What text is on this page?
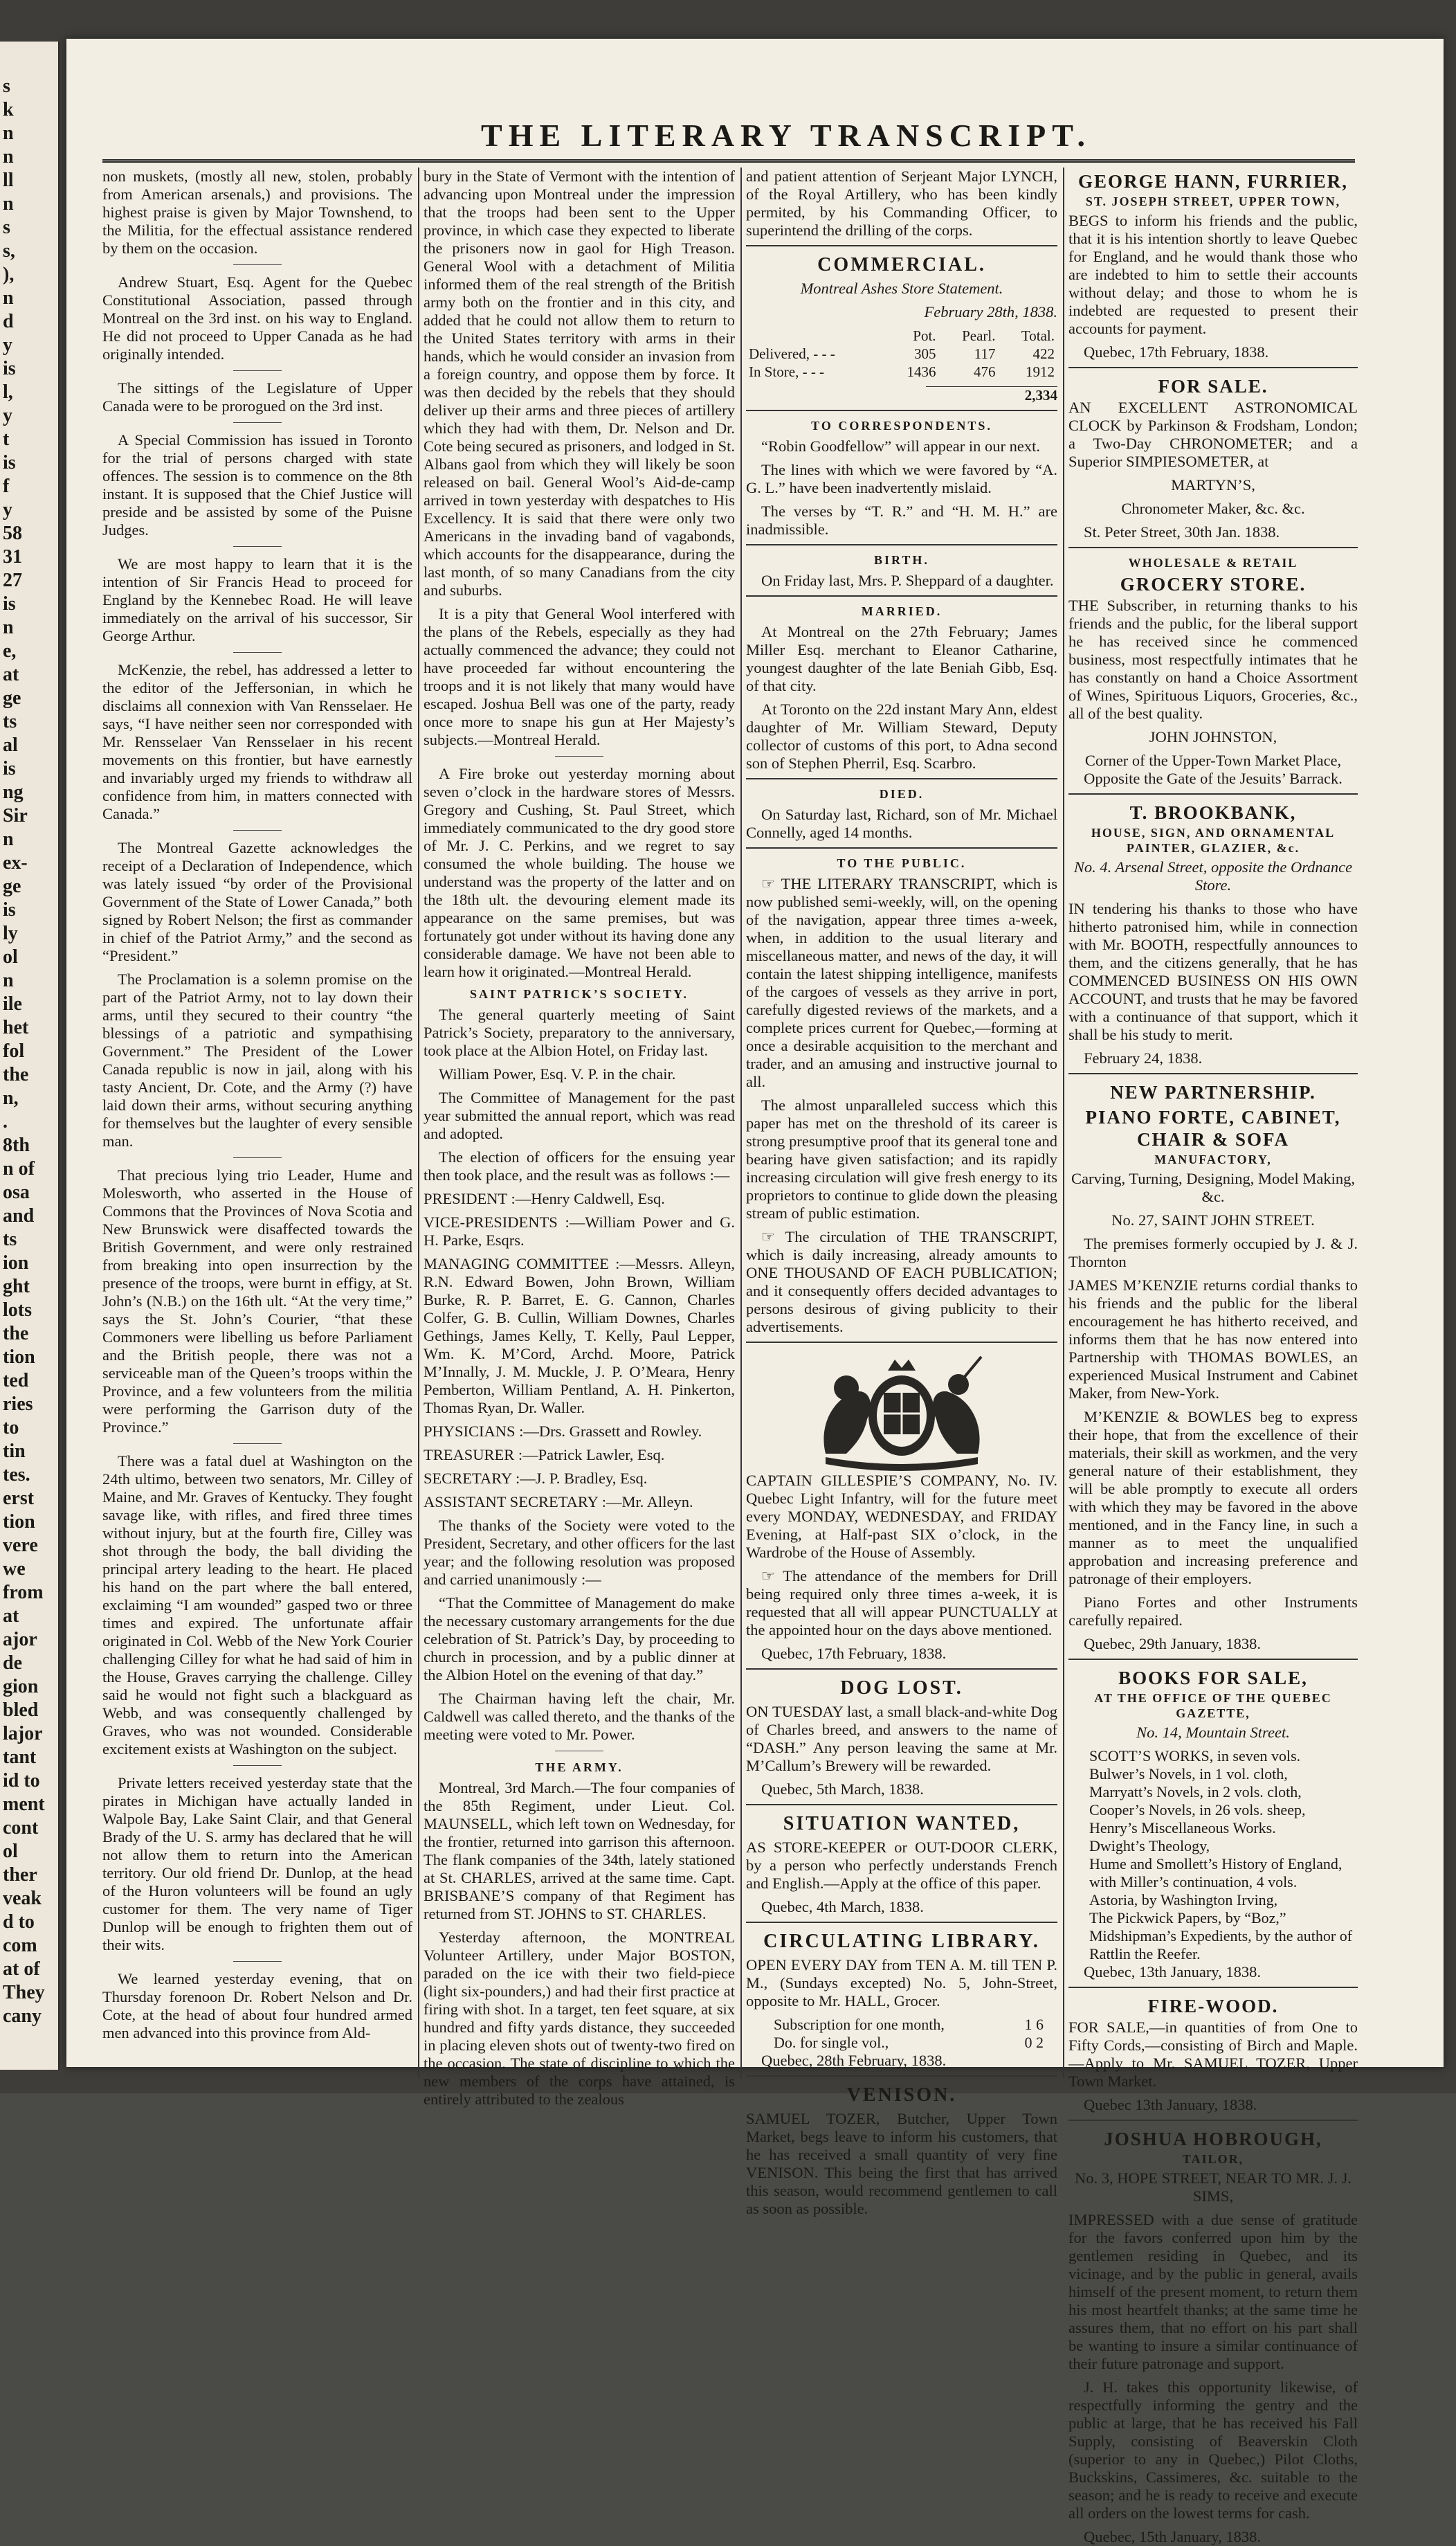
s
k
n
n
ll
n
s
s,
),
n
d
y
is
l,
y
t
is
f
y
58
31
27
is
n
e,
at
ge
ts
al
is
ng
Sir
n
ex-
ge
is
ly
ol
n
ile
het
fol
the
n,
.
8th
n of
osa
and
ts
ion
ght
lots
the
tion
ted
ries
to
tin
tes.
erst
tion
vere
we
from
at
ajor
de
gion
bled
lajor
tant
id to
ment
cont
ol
ther
veak
d to
com
at of
They
cany
THE LITERARY TRANSCRIPT.

non muskets, (mostly all new, stolen, probably from American arsenals,) and provisions. The highest praise is given by Major Townshend, to the Militia, for the effectual assistance rendered by them on the occasion.

Andrew Stuart, Esq. Agent for the Quebec Constitutional Association, passed through Montreal on the 3rd inst. on his way to England. He did not proceed to Upper Canada as he had originally intended.

The sittings of the Legislature of Upper Canada were to be prorogued on the 3rd inst.

A Special Commission has issued in Toronto for the trial of persons charged with state offences. The session is to commence on the 8th instant. It is supposed that the Chief Justice will preside and be assisted by some of the Puisne Judges.

We are most happy to learn that it is the intention of Sir Francis Head to proceed for England by the Kennebec Road. He will leave immediately on the arrival of his successor, Sir George Arthur.

McKenzie, the rebel, has addressed a letter to the editor of the Jeffersonian, in which he disclaims all connexion with Van Rensselaer. He says, “I have neither seen nor corresponded with Mr. Rensselaer Van Rensselaer in his recent movements on this frontier, but have earnestly and invariably urged my friends to withdraw all confidence from him, in matters connected with Canada.”

The Montreal Gazette acknowledges the receipt of a Declaration of Independence, which was lately issued “by order of the Provisional Government of the State of Lower Canada,” both signed by Robert Nelson; the first as commander in chief of the Patriot Army,” and the second as “President.”

The Proclamation is a solemn promise on the part of the Patriot Army, not to lay down their arms, until they secured to their country “the blessings of a patriotic and sympathising Government.” The President of the Lower Canada republic is now in jail, along with his tasty Ancient, Dr. Cote, and the Army (?) have laid down their arms, without securing anything for themselves but the laughter of every sensible man.

That precious lying trio Leader, Hume and Molesworth, who asserted in the House of Commons that the Provinces of Nova Scotia and New Brunswick were disaffected towards the British Government, and were only restrained from breaking into open insurrection by the presence of the troops, were burnt in effigy, at St. John’s (N.B.) on the 16th ult. “At the very time,” says the St. John’s Courier, “that these Commoners were libelling us before Parliament and the British people, there was not a serviceable man of the Queen’s troops within the Province, and a few volunteers from the militia were performing the Garrison duty of the Province.”

There was a fatal duel at Washington on the 24th ultimo, between two senators, Mr. Cilley of Maine, and Mr. Graves of Kentucky. They fought savage like, with rifles, and fired three times without injury, but at the fourth fire, Cilley was shot through the body, the ball dividing the principal artery leading to the heart. He placed his hand on the part where the ball entered, exclaiming “I am wounded” gasped two or three times and expired. The unfortunate affair originated in Col. Webb of the New York Courier challenging Cilley for what he had said of him in the House, Graves carrying the challenge. Cilley said he would not fight such a blackguard as Webb, and was consequently challenged by Graves, who was not wounded. Considerable excitement exists at Washington on the subject.

Private letters received yesterday state that the pirates in Michigan have actually landed in Walpole Bay, Lake Saint Clair, and that General Brady of the U. S. army has declared that he will not allow them to return into the American territory. Our old friend Dr. Dunlop, at the head of the Huron volunteers will be found an ugly customer for them. The very name of Tiger Dunlop will be enough to frighten them out of their wits.

We learned yesterday evening, that on Thursday forenoon Dr. Robert Nelson and Dr. Cote, at the head of about four hundred armed men advanced into this province from Ald-

bury in the State of Vermont with the intention of advancing upon Montreal under the impression that the troops had been sent to the Upper province, in which case they expected to liberate the prisoners now in gaol for High Treason. General Wool with a detachment of Militia informed them of the real strength of the British army both on the frontier and in this city, and added that he could not allow them to return to the United States territory with arms in their hands, which he would consider an invasion from a foreign country, and oppose them by force. It was then decided by the rebels that they should deliver up their arms and three pieces of artillery which they had with them, Dr. Nelson and Dr. Cote being secured as prisoners, and lodged in St. Albans gaol from which they will likely be soon released on bail. General Wool’s Aid-de-camp arrived in town yesterday with despatches to His Excellency. It is said that there were only two Americans in the invading band of vagabonds, which accounts for the disappearance, during the last month, of so many Canadians from the city and suburbs.

It is a pity that General Wool interfered with the plans of the Rebels, especially as they had actually commenced the advance; they could not have proceeded far without encountering the troops and it is not likely that many would have escaped. Joshua Bell was one of the party, ready once more to snape his gun at Her Majesty’s subjects.—Montreal Herald.

A Fire broke out yesterday morning about seven o’clock in the hardware stores of Messrs. Gregory and Cushing, St. Paul Street, which immediately communicated to the dry good store of Mr. J. C. Perkins, and we regret to say consumed the whole building. The house we understand was the property of the latter and on the 18th ult. the devouring element made its appearance on the same premises, but was fortunately got under without its having done any considerable damage. We have not been able to learn how it originated.—Montreal Herald.

SAINT PATRICK’S SOCIETY.

The general quarterly meeting of Saint Patrick’s Society, preparatory to the anniversary, took place at the Albion Hotel, on Friday last.

William Power, Esq. V. P. in the chair.

The Committee of Management for the past year submitted the annual report, which was read and adopted.

The election of officers for the ensuing year then took place, and the result was as follows :—

PRESIDENT :—Henry Caldwell, Esq.

VICE-PRESIDENTS :—William Power and G. H. Parke, Esqrs.

MANAGING COMMITTEE :—Messrs. Alleyn, R.N. Edward Bowen, John Brown, William Burke, R. P. Barret, E. G. Cannon, Charles Colfer, G. B. Cullin, William Downes, Charles Gethings, James Kelly, T. Kelly, Paul Lepper, Wm. K. M’Cord, Archd. Moore, Patrick M’Innally, J. M. Muckle, J. P. O’Meara, Henry Pemberton, William Pentland, A. H. Pinkerton, Thomas Ryan, Dr. Waller.

PHYSICIANS :—Drs. Grassett and Rowley.

TREASURER :—Patrick Lawler, Esq.

SECRETARY :—J. P. Bradley, Esq.

ASSISTANT SECRETARY :—Mr. Alleyn.

The thanks of the Society were voted to the President, Secretary, and other officers for the last year; and the following resolution was proposed and carried unanimously :—

“That the Committee of Management do make the necessary customary arrangements for the due celebration of St. Patrick’s Day, by proceeding to church in procession, and by a public dinner at the Albion Hotel on the evening of that day.”

The Chairman having left the chair, Mr. Caldwell was called thereto, and the thanks of the meeting were voted to Mr. Power.

THE ARMY.

Montreal, 3rd March.—The four companies of the 85th Regiment, under Lieut. Col. MAUNSELL, which left town on Wednesday, for the frontier, returned into garrison this afternoon. The flank companies of the 34th, lately stationed at St. CHARLES, arrived at the same time. Capt. BRISBANE’S company of that Regiment has returned from ST. JOHNS to ST. CHARLES.

Yesterday afternoon, the MONTREAL Volunteer Artillery, under Major BOSTON, paraded on the ice with their two field-piece (light six-pounders,) and had their first practice at firing with shot. In a target, ten feet square, at six hundred and fifty yards distance, they succeeded in placing eleven shots out of twenty-two fired on the occasion. The state of discipline to which the new members of the corps have attained, is entirely attributed to the zealous

and patient attention of Serjeant Major LYNCH, of the Royal Artillery, who has been kindly permited, by his Commanding Officer, to superintend the drilling of the corps.

COMMERCIAL.

Montreal Ashes Store Statement.

February 28th, 1838.

	Pot.	Pearl.	Total.
Delivered, - - -	305	117	422
In Store, - - -	1436	476	1912
2,334
TO CORRESPONDENTS.

“Robin Goodfellow” will appear in our next.

The lines with which we were favored by “A. G. L.” have been inadvertently mislaid.

The verses by “T. R.” and “H. M. H.” are inadmissible.

BIRTH.

On Friday last, Mrs. P. Sheppard of a daughter.

MARRIED.

At Montreal on the 27th February; James Miller Esq. merchant to Eleanor Catharine, youngest daughter of the late Beniah Gibb, Esq. of that city.

At Toronto on the 22d instant Mary Ann, eldest daughter of Mr. William Steward, Deputy collector of customs of this port, to Adna second son of Stephen Pherril, Esq. Scarbro.

DIED.

On Saturday last, Richard, son of Mr. Michael Connelly, aged 14 months.

TO THE PUBLIC.

☞ THE LITERARY TRANSCRIPT, which is now published semi-weekly, will, on the opening of the navigation, appear three times a-week, when, in addition to the usual literary and miscellaneous matter, and news of the day, it will contain the latest shipping intelligence, manifests of the cargoes of vessels as they arrive in port, carefully digested reviews of the markets, and a complete prices current for Quebec,—forming at once a desirable acquisition to the merchant and trader, and an amusing and instructive journal to all.

The almost unparalleled success which this paper has met on the threshold of its career is strong presumptive proof that its general tone and bearing have given satisfaction; and its rapidly increasing circulation will give fresh energy to its proprietors to continue to glide down the pleasing stream of public estimation.

☞ The circulation of THE TRANSCRIPT, which is daily increasing, already amounts to ONE THOUSAND OF EACH PUBLICATION; and it consequently offers decided advantages to persons desirous of giving publicity to their advertisements.

CAPTAIN GILLESPIE’S COMPANY, No. IV. Quebec Light Infantry, will for the future meet every MONDAY, WEDNESDAY, and FRIDAY Evening, at Half-past SIX o’clock, in the Wardrobe of the House of Assembly.

☞ The attendance of the members for Drill being required only three times a-week, it is requested that all will appear PUNCTUALLY at the appointed hour on the days above mentioned.

Quebec, 17th February, 1838.

DOG LOST.

ON TUESDAY last, a small black-and-white Dog of Charles breed, and answers to the name of “DASH.” Any person leaving the same at Mr. M’Callum’s Brewery will be rewarded.

Quebec, 5th March, 1838.

SITUATION WANTED,

AS STORE-KEEPER or OUT-DOOR CLERK, by a person who perfectly understands French and English.—Apply at the office of this paper.

Quebec, 4th March, 1838.

CIRCULATING LIBRARY.

OPEN EVERY DAY from TEN A. M. till TEN P. M., (Sundays excepted) No. 5, John-Street, opposite to Mr. HALL, Grocer.

Subscription for one month,	1 6
Do. for single vol.,	0 2

Quebec, 28th February, 1838.

VENISON.

SAMUEL TOZER, Butcher, Upper Town Market, begs leave to inform his customers, that he has received a small quantity of very fine VENISON. This being the first that has arrived this season, would recommend gentlemen to call as soon as possible.

GEORGE HANN, FURRIER,
ST. JOSEPH STREET, UPPER TOWN,

BEGS to inform his friends and the public, that it is his intention shortly to leave Quebec for England, and he would thank those who are indebted to him to settle their accounts without delay; and those to whom he is indebted are requested to present their accounts for payment.

Quebec, 17th February, 1838.

FOR SALE.

AN EXCELLENT ASTRONOMICAL CLOCK by Parkinson & Frodsham, London; a Two-Day CHRONOMETER; and a Superior SIMPIESOMETER, at

MARTYN’S,

Chronometer Maker, &c. &c.

St. Peter Street, 30th Jan. 1838.

WHOLESALE & RETAIL
GROCERY STORE.

THE Subscriber, in returning thanks to his friends and the public, for the liberal support he has received since he commenced business, most respectfully intimates that he has constantly on hand a Choice Assortment of Wines, Spirituous Liquors, Groceries, &c., all of the best quality.

JOHN JOHNSTON,

Corner of the Upper-Town Market Place, Opposite the Gate of the Jesuits’ Barrack.

T. BROOKBANK,
HOUSE, SIGN, AND ORNAMENTAL PAINTER, GLAZIER, &c.

No. 4. Arsenal Street, opposite the Ordnance Store.

IN tendering his thanks to those who have hitherto patronised him, while in connection with Mr. BOOTH, respectfully announces to them, and the citizens generally, that he has COMMENCED BUSINESS ON HIS OWN ACCOUNT, and trusts that he may be favored with a continuance of that support, which it shall be his study to merit.

February 24, 1838.

NEW PARTNERSHIP.
PIANO FORTE, CABINET, CHAIR & SOFA
MANUFACTORY,

Carving, Turning, Designing, Model Making, &c.

No. 27, SAINT JOHN STREET.

The premises formerly occupied by J. & J. Thornton

JAMES M’KENZIE returns cordial thanks to his friends and the public for the liberal encouragement he has hitherto received, and informs them that he has now entered into Partnership with THOMAS BOWLES, an experienced Musical Instrument and Cabinet Maker, from New-York.

M’KENZIE & BOWLES beg to express their hope, that from the excellence of their materials, their skill as workmen, and the very general nature of their establishment, they will be able promptly to execute all orders with which they may be favored in the above mentioned, and in the Fancy line, in such a manner as to meet the unqualified approbation and increasing preference and patronage of their employers.

Piano Fortes and other Instruments carefully repaired.

Quebec, 29th January, 1838.

BOOKS FOR SALE,
AT THE OFFICE OF THE QUEBEC GAZETTE,

No. 14, Mountain Street.

SCOTT’S WORKS, in seven vols.

Bulwer’s Novels, in 1 vol. cloth,

Marryatt’s Novels, in 2 vols. cloth,

Cooper’s Novels, in 26 vols. sheep,

Henry’s Miscellaneous Works.

Dwight’s Theology,

Hume and Smollett’s History of England, with Miller’s continuation, 4 vols.

Astoria, by Washington Irving,

The Pickwick Papers, by “Boz,”

Midshipman’s Expedients, by the author of Rattlin the Reefer.

Quebec, 13th January, 1838.

FIRE-WOOD.

FOR SALE,—in quantities of from One to Fifty Cords,—consisting of Birch and Maple.—Apply to Mr. SAMUEL TOZER, Upper Town Market.

Quebec 13th January, 1838.

JOSHUA HOBROUGH,
TAILOR,

No. 3, HOPE STREET, NEAR TO MR. J. J. SIMS,

IMPRESSED with a due sense of gratitude for the favors conferred upon him by the gentlemen residing in Quebec, and its vicinage, and by the public in general, avails himself of the present moment, to return them his most heartfelt thanks; at the same time he assures them, that no effort on his part shall be wanting to insure a similar continuance of their future patronage and support.

J. H. takes this opportunity likewise, of respectfully informing the gentry and the public at large, that he has received his Fall Supply, consisting of Beaverskin Cloth (superior to any in Quebec,) Pilot Cloths, Buckskins, Cassimeres, &c. suitable to the season; and he is ready to receive and execute all orders on the lowest terms for cash.

Quebec, 15th January, 1838.
